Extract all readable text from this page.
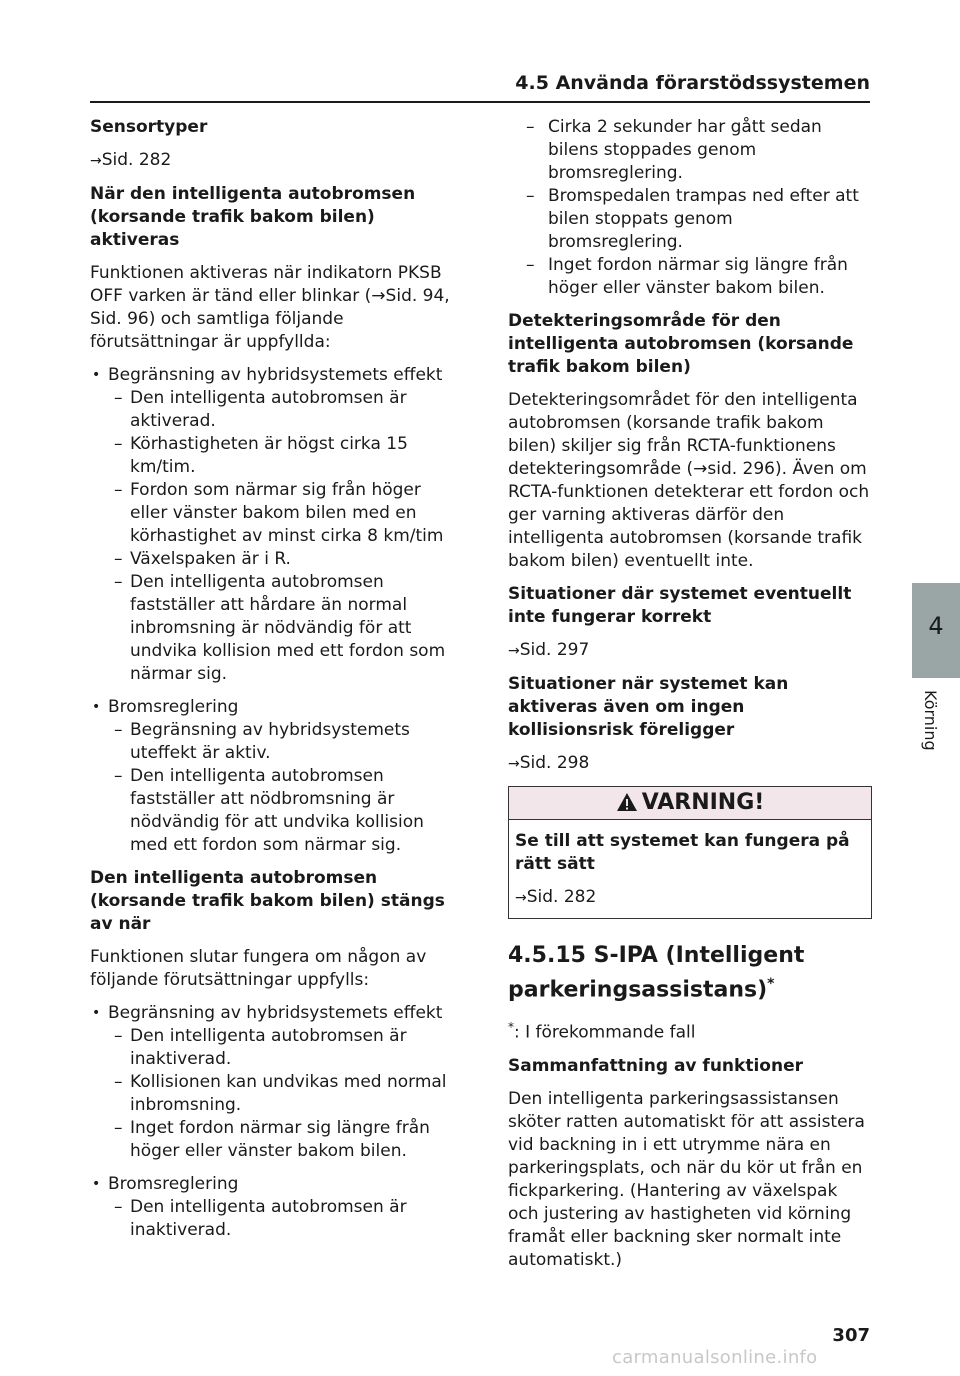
4.5 Använda förarstödssystemen
Sensortyper
→Sid. 282
När den intelligenta autobromsen (korsande trafik bakom bilen) aktiveras
Funktionen aktiveras när indikatorn PKSB OFF varken är tänd eller blinkar (→Sid. 94, Sid. 96) och samtliga följande förutsättningar är uppfyllda:
• Begränsning av hybridsystemets effekt
– Den intelligenta autobromsen är aktiverad.
– Körhastigheten är högst cirka 15 km/tim.
– Fordon som närmar sig från höger eller vänster bakom bilen med en körhastighet av minst cirka 8 km/tim
– Växelspaken är i R.
– Den intelligenta autobromsen fastställer att hårdare än normal inbromsning är nödvändig för att undvika kollision med ett fordon som närmar sig.
• Bromsreglering
– Begränsning av hybridsystemets uteffekt är aktiv.
– Den intelligenta autobromsen fastställer att nödbromsning är nödvändig för att undvika kollision med ett fordon som närmar sig.
Den intelligenta autobromsen (korsande trafik bakom bilen) stängs av när
Funktionen slutar fungera om någon av följande förutsättningar uppfylls:
• Begränsning av hybridsystemets effekt
– Den intelligenta autobromsen är inaktiverad.
– Kollisionen kan undvikas med normal inbromsning.
– Inget fordon närmar sig längre från höger eller vänster bakom bilen.
• Bromsreglering
– Den intelligenta autobromsen är inaktiverad.
– Cirka 2 sekunder har gått sedan bilens stoppades genom bromsreglering.
– Bromspedalen trampas ned efter att bilen stoppats genom bromsreglering.
– Inget fordon närmar sig längre från höger eller vänster bakom bilen.
Detekteringsområde för den intelligenta autobromsen (korsande trafik bakom bilen)
Detekteringsområdet för den intelligenta autobromsen (korsande trafik bakom bilen) skiljer sig från RCTA-funktionens detekteringsområde (→sid. 296). Även om RCTA-funktionen detekterar ett fordon och ger varning aktiveras därför den intelligenta autobromsen (korsande trafik bakom bilen) eventuellt inte.
Situationer där systemet eventuellt inte fungerar korrekt
→Sid. 297
Situationer när systemet kan aktiveras även om ingen kollisionsrisk föreligger
→Sid. 298
VARNING!
Se till att systemet kan fungera på rätt sätt
→Sid. 282
4.5.15 S-IPA (Intelligent parkeringsassistans)*
*: I förekommande fall
Sammanfattning av funktioner
Den intelligenta parkeringsassistansen sköter ratten automatiskt för att assistera vid backning in i ett utrymme nära en parkeringsplats, och när du kör ut från en fickparkering. (Hantering av växelspak och justering av hastigheten vid körning framåt eller backning sker normalt inte automatiskt.)
4
Körning
307
carmanualsonline.info
